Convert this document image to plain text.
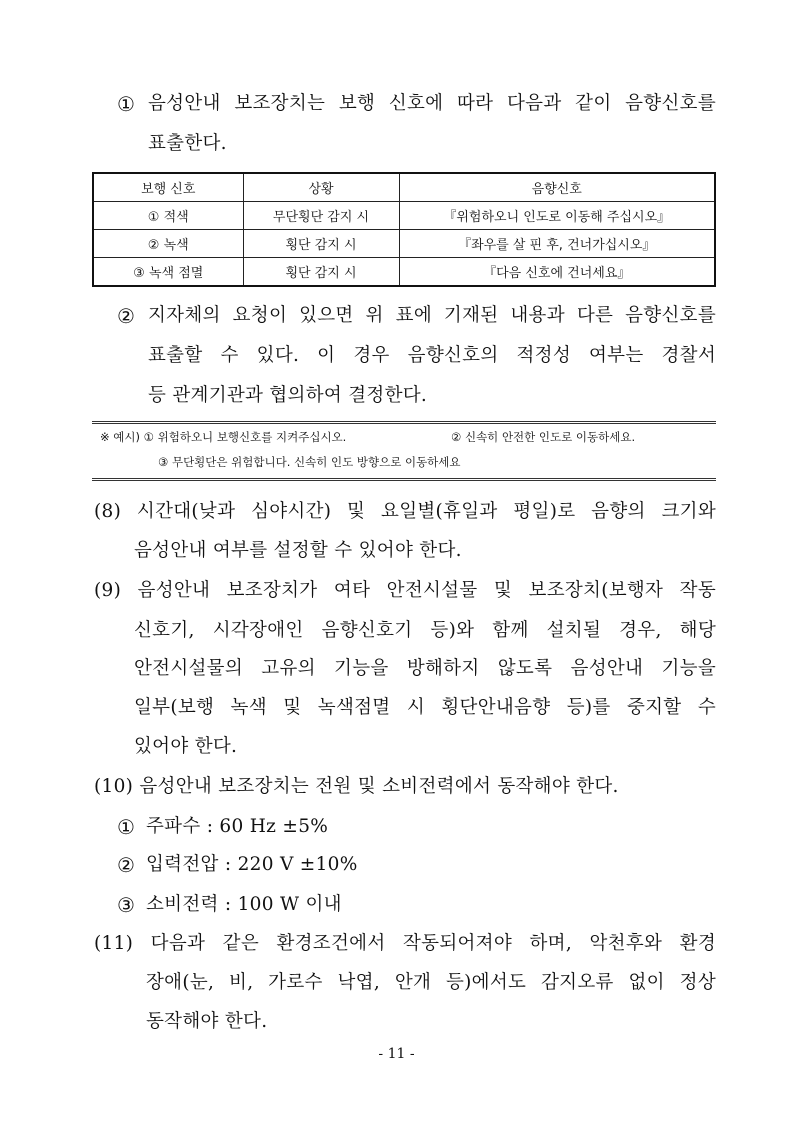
① 음성안내 보조장치는 보행 신호에 따라 다음과 같이 음향신호를
표출한다.
보행 신호	상황	음향신호
① 적색	무단횡단 감지 시	『위험하오니 인도로 이동해 주십시오』
② 녹색	횡단 감지 시	『좌우를 살 핀 후, 건너가십시오』
③ 녹색 점멸	횡단 감지 시	『다음 신호에 건너세요』
② 지자체의 요청이 있으면 위 표에 기재된 내용과 다른 음향신호를
표출할 수 있다. 이 경우 음향신호의 적정성 여부는 경찰서
등 관계기관과 협의하여 결정한다.
※ 예시) ① 위험하오니 보행신호를 지켜주십시오.	② 신속히 안전한 인도로 이동하세요.
③ 무단횡단은 위험합니다. 신속히 인도 방향으로 이동하세요
(8) 시간대(낮과 심야시간) 및 요일별(휴일과 평일)로 음향의 크기와
음성안내 여부를 설정할 수 있어야 한다.
(9) 음성안내 보조장치가 여타 안전시설물 및 보조장치(보행자 작동
신호기, 시각장애인 음향신호기 등)와 함께 설치될 경우, 해당
안전시설물의 고유의 기능을 방해하지 않도록 음성안내 기능을
일부(보행 녹색 및 녹색점멸 시 횡단안내음향 등)를 중지할 수
있어야 한다.
(10) 음성안내 보조장치는 전원 및 소비전력에서 동작해야 한다.
① 주파수 : 60 Hz ±5%
② 입력전압 : 220 V ±10%
③ 소비전력 : 100 W 이내
(11) 다음과 같은 환경조건에서 작동되어져야 하며, 악천후와 환경
장애(눈, 비, 가로수 낙엽, 안개 등)에서도 감지오류 없이 정상
동작해야 한다.
- 11 -
